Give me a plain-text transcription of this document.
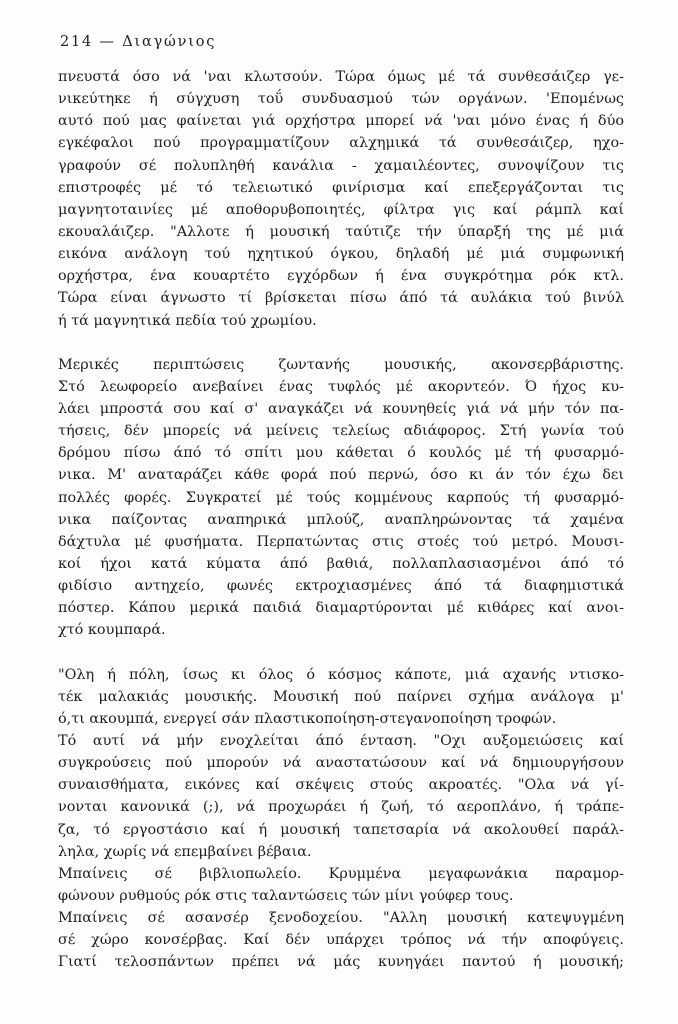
214 — Διαγώνιος
πνευστά όσο νά 'ναι κλωτσούν. Τώρα όμως μέ τά συνθεσάιζερ γε-
νικεύτηκε ή σύγχυση τοΰ συνδυασμού τών οργάνων. 'Επομένως
αυτό πού μας φαίνεται γιά ορχήστρα μπορεί νά 'ναι μόνο ένας ή δύο
εγκέφαλοι πού προγραμματίζουν αλχημικά τά συνθεσάιζερ, ηχο-
γραφούν σέ πολυπληθή κανάλια - χαμαιλέοντες, συνοψίζουν τις
επιστροφές μέ τό τελειωτικό φινίρισμα καί επεξεργάζονται τις
μαγνητοταινίες μέ αποθορυβοποιητές, φίλτρα γις καί ράμπλ καί
εκουαλάιζερ. "Αλλοτε ή μουσική ταύτιζε τήν ύπαρξή της μέ μιά
εικόνα ανάλογη τού ηχητικού όγκου, δηλαδή μέ μιά συμφωνική
ορχήστρα, ένα κουαρτέτο εγχόρδων ή ένα συγκρότημα ρόκ κτλ.
Τώρα είναι άγνωστο τί βρίσκεται πίσω άπό τά αυλάκια τού βινύλ
ή τά μαγνητικά πεδία τού χρωμίου.
Μερικές περιπτώσεις ζωντανής μουσικής, ακονσερβάριστης.
Στό λεωφορείο ανεβαίνει ένας τυφλός μέ ακορντεόν. Ό ήχος κυ-
λάει μπροστά σου καί σ' αναγκάζει νά κουνηθείς γιά νά μήν τόν πα-
τήσεις, δέν μπορείς νά μείνεις τελείως αδιάφορος. Στή γωνία τού
δρόμου πίσω άπό τό σπίτι μου κάθεται ό κουλός μέ τή φυσαρμό-
νικα. Μ' αναταράζει κάθε φορά πού περνώ, όσο κι άν τόν έχω δει
πολλές φορές. Συγκρατεί μέ τούς κομμένους καρπούς τή φυσαρμό-
νικα παίζοντας αναπηρικά μπλούζ, αναπληρώνοντας τά χαμένα
δάχτυλα μέ φυσήματα. Περπατώντας στις στοές τού μετρό. Μουσι-
κοί ήχοι κατά κύματα άπό βαθιά, πολλαπλασιασμένοι άπό τό
φιδίσιο αντηχείο, φωνές εκτροχιασμένες άπό τά διαφημιστικά
πόστερ. Κάπου μερικά παιδιά διαμαρτύρονται μέ κιθάρες καί ανοι-
χτό κουμπαρά.
"Ολη ή πόλη, ίσως κι όλος ό κόσμος κάποτε, μιά αχανής ντισκο-
τέκ μαλακιάς μουσικής. Μουσική πού παίρνει σχήμα ανάλογα μ'
ό,τι ακουμπά, ενεργεί σάν πλαστικοποίηση-στεγανοποίηση τροφών.
Τό αυτί νά μήν ενοχλείται άπό ένταση. "Οχι αυξομειώσεις καί
συγκρούσεις πού μπορούν νά αναστατώσουν καί νά δημιουργήσουν
συναισθήματα, εικόνες καί σκέψεις στούς ακροατές. "Ολα νά γί-
νονται κανονικά (;), νά προχωράει ή ζωή, τό αεροπλάνο, ή τράπε-
ζα, τό εργοστάσιο καί ή μουσική ταπετσαρία νά ακολουθεί παράλ-
ληλα, χωρίς νά επεμβαίνει βέβαια.
Μπαίνεις σέ βιβλιοπωλείο. Κρυμμένα μεγαφωνάκια παραμορ-
φώνουν ρυθμούς ρόκ στις ταλαντώσεις τών μίνι γούφερ τους.
Μπαίνεις σέ ασανσέρ ξενοδοχείου. "Αλλη μουσική κατεψυγμένη
σέ χώρο κονσέρβας. Καί δέν υπάρχει τρόπος νά τήν αποφύγεις.
Γιατί τελοσπάντων πρέπει νά μάς κυνηγάει παντού ή μουσική;
